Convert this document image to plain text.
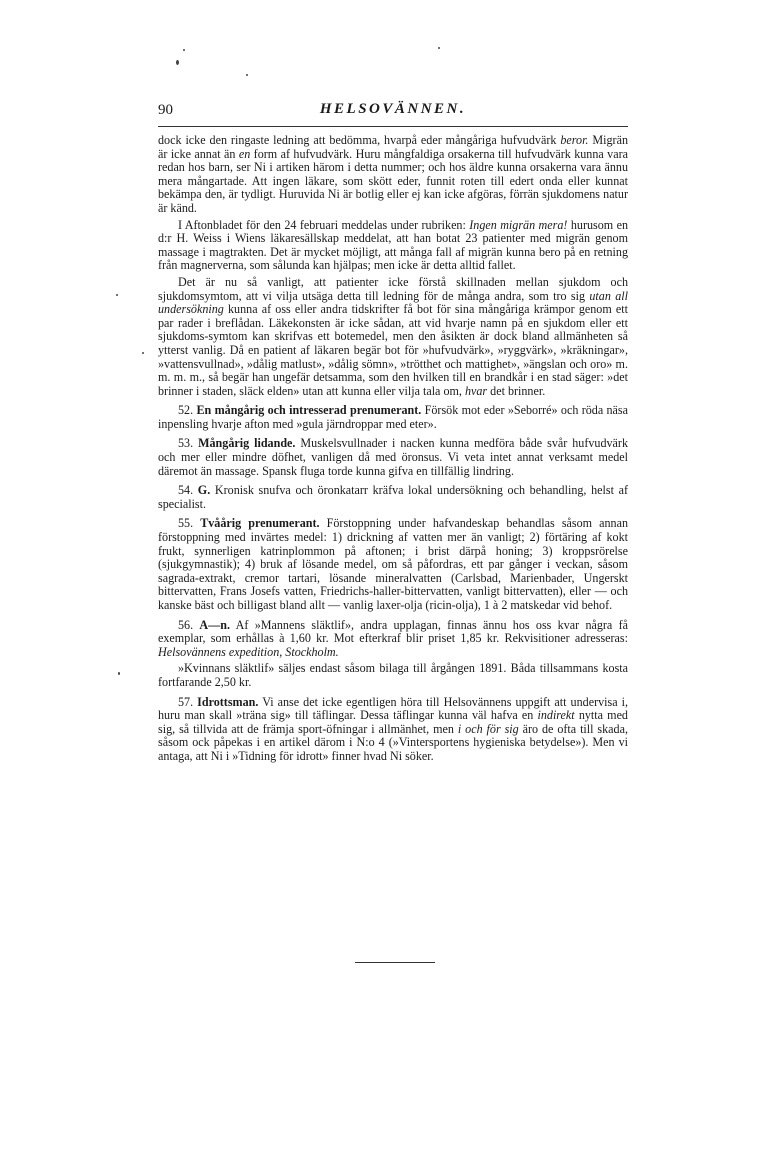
90	HELSOVÄNNEN.

dock icke den ringaste ledning att bedömma, hvarpå eder mångåriga hufvudvärk beror. Migrän är icke annat än en form af hufvudvärk. Huru mångfaldiga orsakerna till hufvudvärk kunna vara redan hos barn, ser Ni i artiken härom i detta nummer; och hos äldre kunna orsakerna vara ännu mera mångartade. Att ingen läkare, som skött eder, funnit roten till edert onda eller kunnat bekämpa den, är tydligt. Huruvida Ni är botlig eller ej kan icke afgöras, förrän sjukdomens natur är känd.

I Aftonbladet för den 24 februari meddelas under rubriken: Ingen migrän mera! hurusom en d:r H. Weiss i Wiens läkaresällskap meddelat, att han botat 23 patienter med migrän genom massage i magtrakten. Det är mycket möjligt, att många fall af migrän kunna bero på en retning från magnerverna, som sålunda kan hjälpas; men icke är detta alltid fallet.

Det är nu så vanligt, att patienter icke förstå skillnaden mellan sjukdom och sjukdomsymtom, att vi vilja utsäga detta till ledning för de många andra, som tro sig utan all undersökning kunna af oss eller andra tidskrifter få bot för sina mångåriga krämpor genom ett par rader i breflådan. Läkekonsten är icke sådan, att vid hvarje namn på en sjukdom eller ett sjukdoms-symtom kan skrifvas ett botemedel, men den åsikten är dock bland allmänheten så ytterst vanlig. Då en patient af läkaren begär bot för »hufvudvärk», »ryggvärk», »kräkningar», »vattensvullnad», »dålig matlust», »dålig sömn», »trötthet och mattighet», »ängslan och oro» m. m. m. m., så begär han ungefär detsamma, som den hvilken till en brandkår i en stad säger: »det brinner i staden, släck elden» utan att kunna eller vilja tala om, hvar det brinner.

52. En mångårig och intresserad prenumerant. Försök mot eder »Seborré» och röda näsa inpensling hvarje afton med »gula järndroppar med eter».

53. Mångårig lidande. Muskelsvullnader i nacken kunna medföra både svår hufvudvärk och mer eller mindre döfhet, vanligen då med öronsus. Vi veta intet annat verksamt medel däremot än massage. Spansk fluga torde kunna gifva en tillfällig lindring.

54. G. Kronisk snufva och öronkatarr kräfva lokal undersökning och behandling, helst af specialist.

55. Tvåårig prenumerant. Förstoppning under hafvandeskap behandlas såsom annan förstoppning med invärtes medel: 1) drickning af vatten mer än vanligt; 2) förtäring af kokt frukt, synnerligen katrinplommon på aftonen; i brist därpå honing; 3) kroppsrörelse (sjukgymnastik); 4) bruk af lösande medel, om så påfordras, ett par gånger i veckan, såsom sagrada-extrakt, cremor tartari, lösande mineralvatten (Carlsbad, Marienbader, Ungerskt bittervatten, Frans Josefs vatten, Friedrichs-haller-bittervatten, vanligt bittervatten), eller — och kanske bäst och billigast bland allt — vanlig laxer-olja (ricin-olja), 1 à 2 matskedar vid behof.

56. A—n. Af »Mannens släktlif», andra upplagan, finnas ännu hos oss kvar några få exemplar, som erhållas à 1,60 kr. Mot efterkraf blir priset 1,85 kr. Rekvisitioner adresseras: Helsovännens expedition, Stockholm.

»Kvinnans släktlif» säljes endast såsom bilaga till årgången 1891. Båda tillsammans kosta fortfarande 2,50 kr.

57. Idrottsman. Vi anse det icke egentligen höra till Helsovännens uppgift att undervisa i, huru man skall »träna sig» till täflingar. Dessa täflingar kunna väl hafva en indirekt nytta med sig, så tillvida att de främja sport-öfningar i allmänhet, men i och för sig äro de ofta till skada, såsom ock påpekas i en artikel därom i N:o 4 (»Vintersportens hygieniska betydelse»). Men vi antaga, att Ni i »Tidning för idrott» finner hvad Ni söker.
